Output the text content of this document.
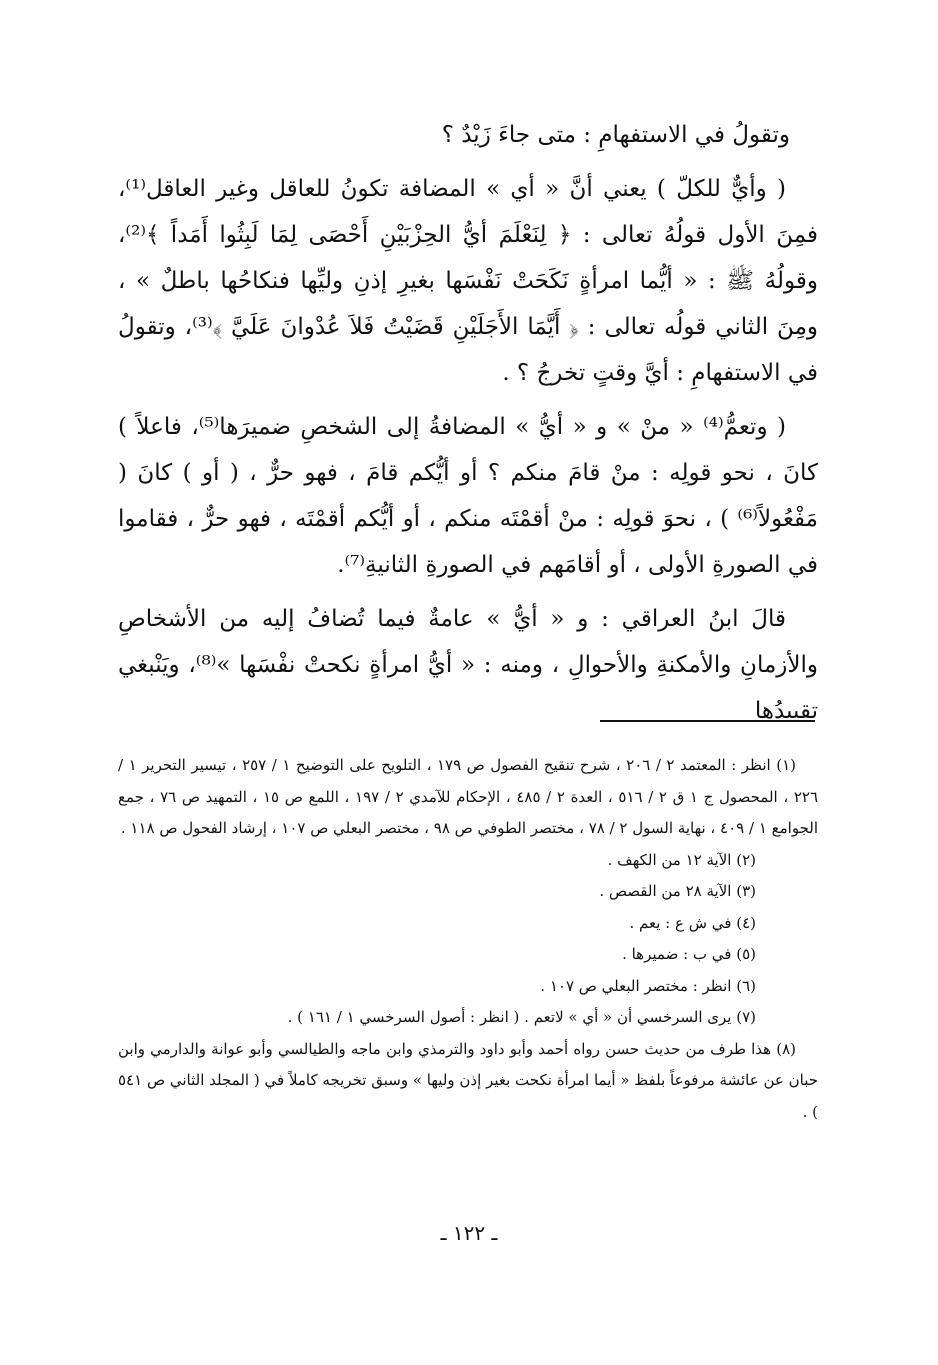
وتقولُ في الاستفهامِ : متى جاءَ زَيْدٌ ؟

( وأيٌّ للكلّ ) يعني أنَّ « أي » المضافة تكونُ للعاقل وغير العاقل⁽¹⁾، فمِنَ الأول قولُهُ تعالى : ﴿ لِنَعْلَمَ أيُّ الحِزْبَيْنِ أَحْصَى لِمَا لَبِثُوا أَمَداً ﴾⁽²⁾، وقولُهُ ﷺ : « أيُّما امرأةٍ نَكَحَتْ نَفْسَها بغيرِ إذنِ وليِّها فنكاحُها باطلٌ » ، ومِنَ الثاني قولُه تعالى : ﴿ أَيَّمَا الأَجَلَيْنِ قَضَيْتُ فَلاَ عُدْوانَ عَلَيَّ ﴾⁽³⁾، وتقولُ في الاستفهامِ : أيَّ وقتٍ تخرجُ ؟ .

( وتعمُّ⁽⁴⁾ « منْ » و « أيُّ » المضافةُ إلى الشخصِ ضميرَها⁽⁵⁾، فاعلاً ) كانَ ، نحو قولِه : منْ قامَ منكم ؟ أو أيُّكم قامَ ، فهو حرٌّ ، ( أو ) كانَ ( مَفْعُولاً⁽⁶⁾ ) ، نحوَ قولِه : منْ أقمْتَه منكم ، أو أيُّكم أقمْتَه ، فهو حرٌّ ، فقاموا في الصورةِ الأولى ، أو أقامَهم في الصورةِ الثانيةِ⁽⁷⁾.

قالَ ابنُ العراقي : و « أيُّ » عامةٌ فيما تُضافُ إليه من الأشخاصِ والأزمانِ والأمكنةِ والأحوالِ ، ومنه : « أيُّ امرأةٍ نكحتْ نفْسَها »⁽⁸⁾، ويَنْبغي تقييدُها

(١) انظر : المعتمد ٢ / ٢٠٦ ، شرح تنقيح الفصول ص ١٧٩ ، التلويح على التوضيح ١ / ٢٥٧ ، تيسير التحرير ١ / ٢٢٦ ، المحصول ج ١ ق ٢ / ٥١٦ ، العدة ٢ / ٤٨٥ ، الإحكام للآمدي ٢ / ١٩٧ ، اللمع ص ١٥ ، التمهيد ص ٧٦ ، جمع الجوامع ١ / ٤٠٩ ، نهاية السول ٢ / ٧٨ ، مختصر الطوفي ص ٩٨ ، مختصر البعلي ص ١٠٧ ، إرشاد الفحول ص ١١٨ .

(٢) الآية ١٢ من الكهف .

(٣) الآية ٢٨ من القصص .

(٤) في ش ع : يعم .

(٥) في ب : ضميرها .

(٦) انظر : مختصر البعلي ص ١٠٧ .

(٧) يرى السرخسي أن « أي » لاتعم . ( انظر : أصول السرخسي ١ / ١٦١ ) .

(٨) هذا طرف من حديث حسن رواه أحمد وأبو داود والترمذي وابن ماجه والطيالسي وأبو عوانة والدارمي وابن حبان عن عائشة مرفوعاً بلفظ « أيما امرأة نكحت بغير إذن وليها » وسبق تخريجه كاملاً في ( المجلد الثاني ص ٥٤١ ) .

ـ ١٢٢ ـ
